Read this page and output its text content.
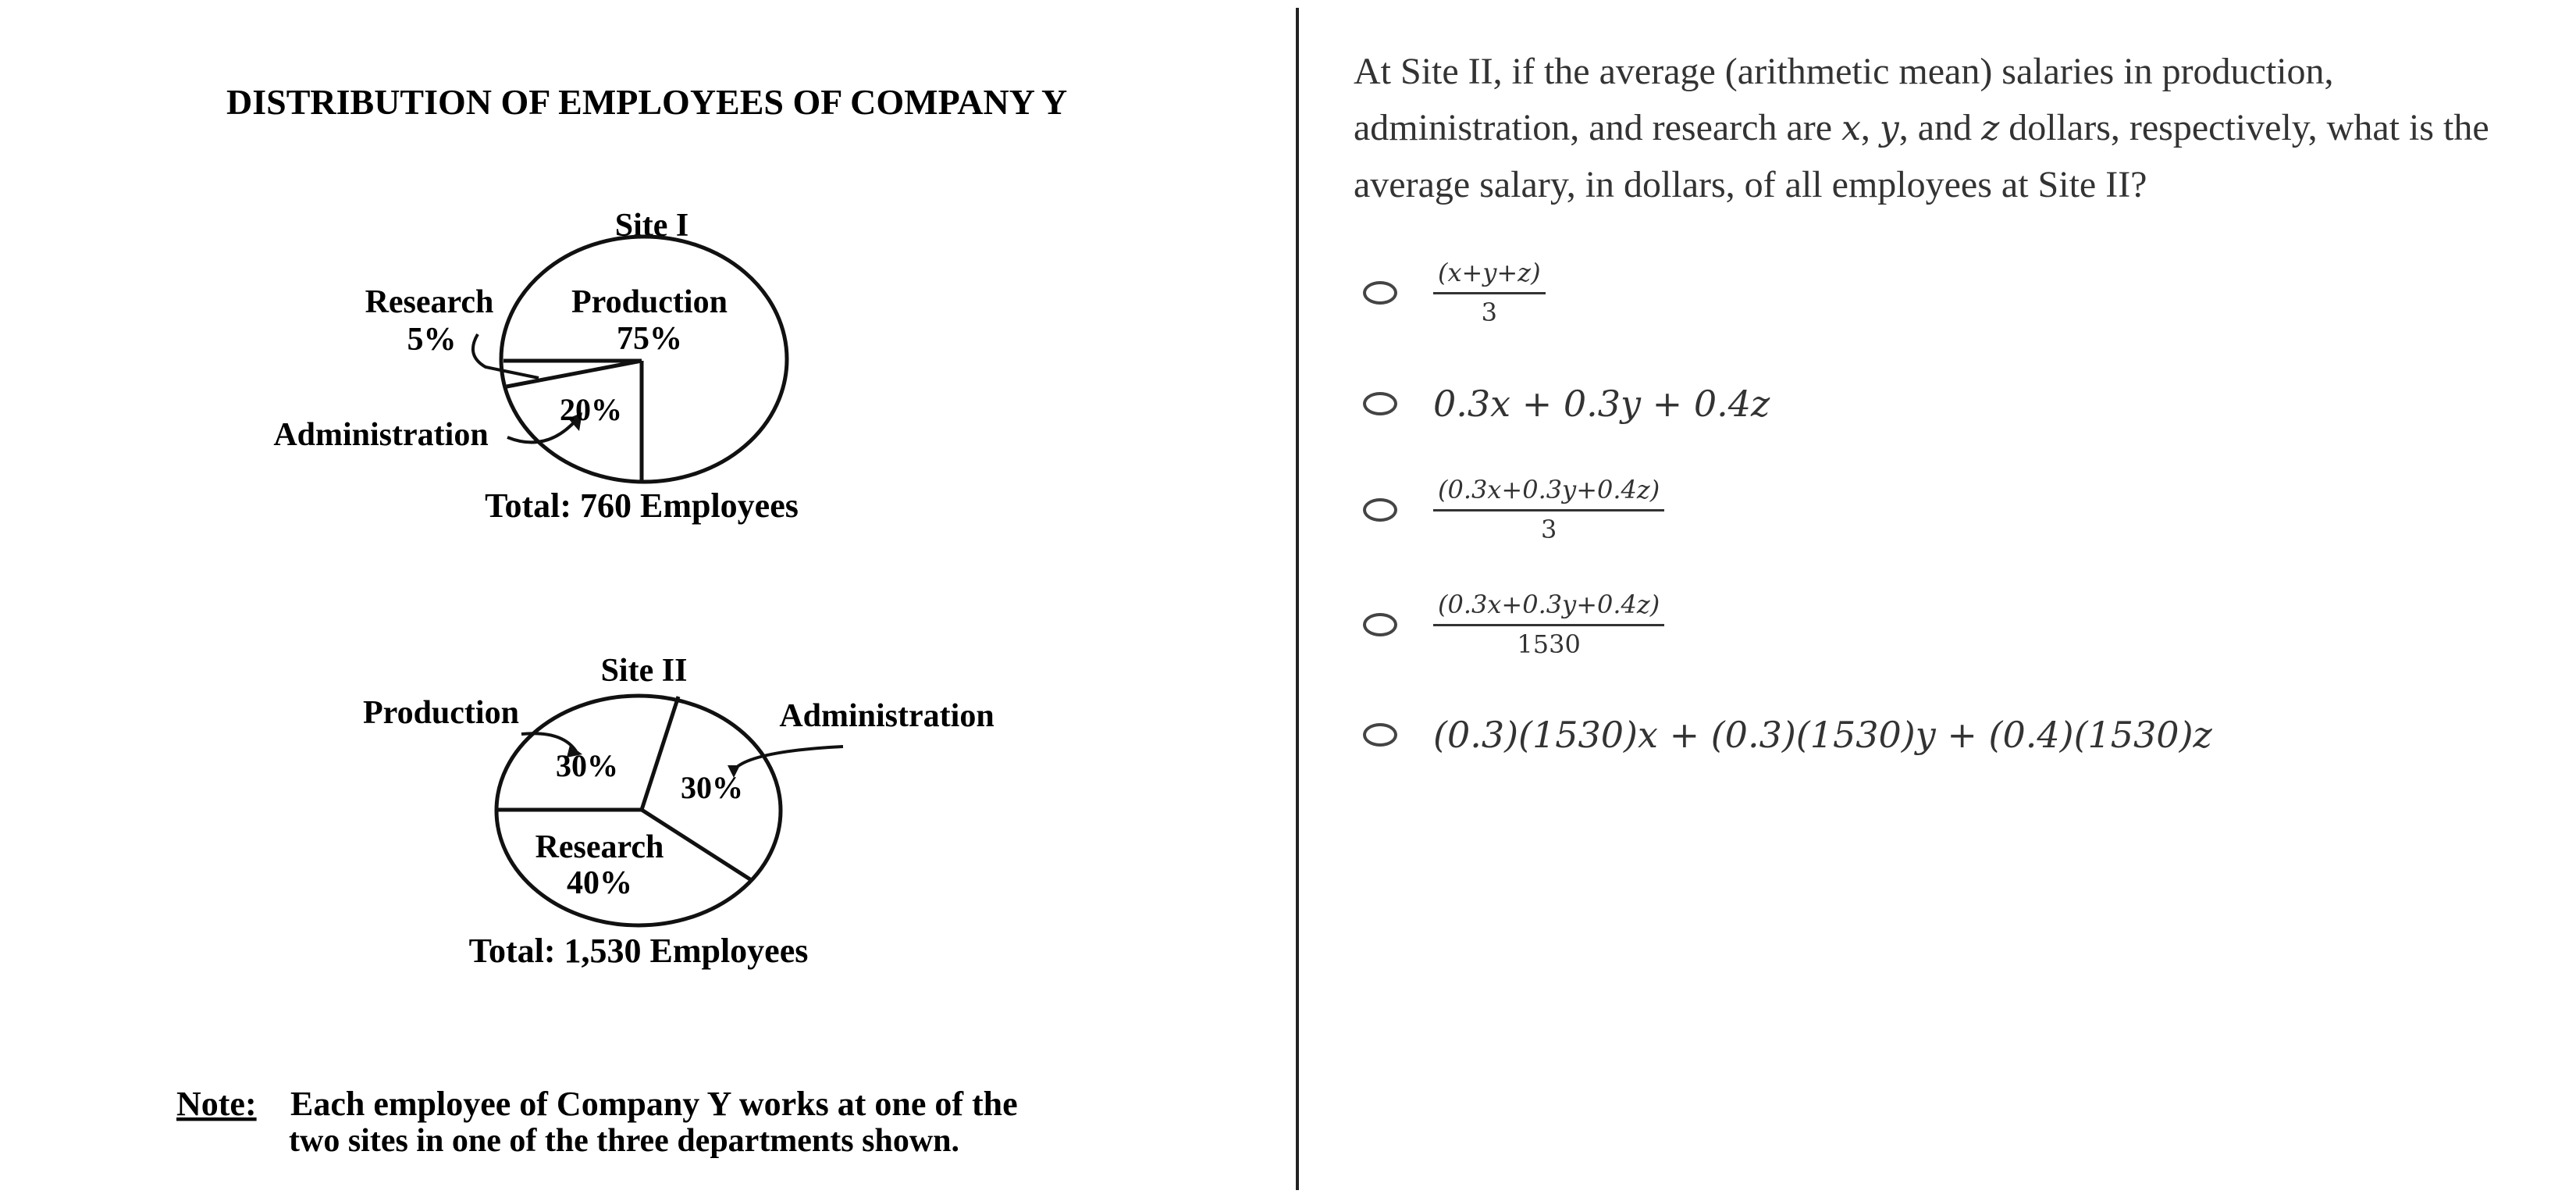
DISTRIBUTION OF EMPLOYEES OF COMPANY Y
Site I
Research
5%
Production
75%
20%
Administration
Total: 760 Employees
Site II
Production	Administration
30%
30%
Research
40%
Total: 1,530 Employees
Note: Each employee of Company Y works at one of the
two sites in one of the three departments shown.
At Site II, if the average (arithmetic mean) salaries in production, administration, and research are x, y, and z dollars, respectively, what is the average salary, in dollars, of all employees at Site II?
$\frac{(x+y+z)}{3}$
0.3x + 0.3y + 0.4z
$\frac{(0.3x+0.3y+0.4z)}{3}$
$\frac{(0.3x+0.3y+0.4z)}{1530}$
(0.3)(1530)x + (0.3)(1530)y + (0.4)(1530)z
